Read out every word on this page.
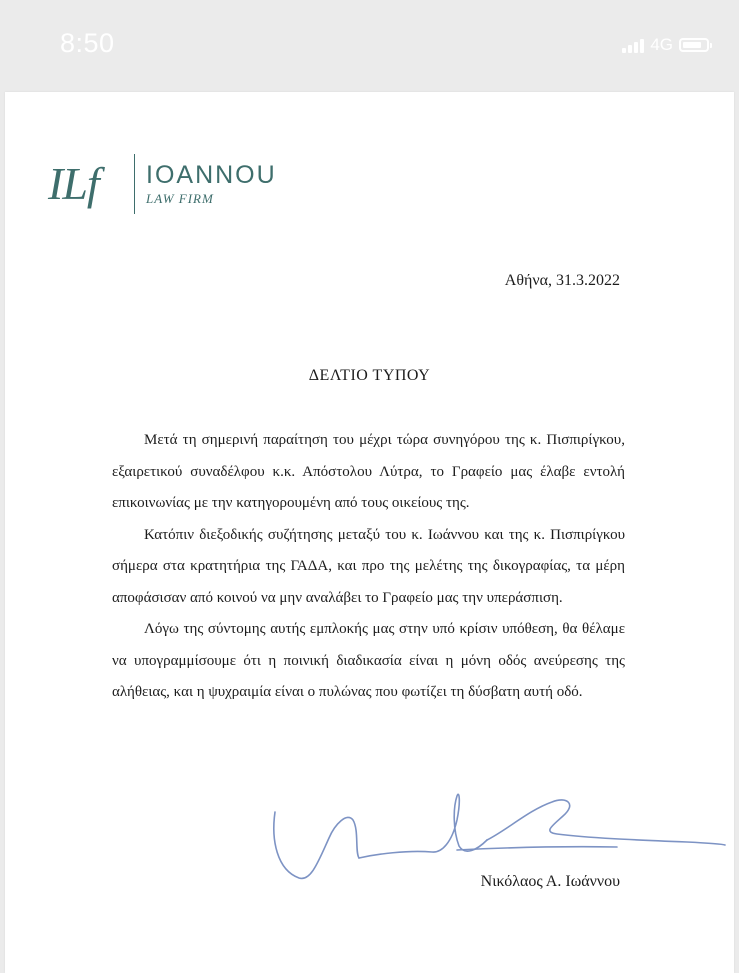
8:50	4G
ILf IOANNOU
LAW FIRM
Αθήνα, 31.3.2022
ΔΕΛΤΙΟ ΤΥΠΟΥ

Μετά τη σημερινή παραίτηση του μέχρι τώρα συνηγόρου της κ. Πισπιρίγκου, εξαιρετικού συναδέλφου κ.κ. Απόστολου Λύτρα, το Γραφείο μας έλαβε εντολή επικοινωνίας με την κατηγορουμένη από τους οικείους της.

Κατόπιν διεξοδικής συζήτησης μεταξύ του κ. Ιωάννου και της κ. Πισπιρίγκου σήμερα στα κρατητήρια της ΓΑΔΑ, και προ της μελέτης της δικογραφίας, τα μέρη αποφάσισαν από κοινού να μην αναλάβει το Γραφείο μας την υπεράσπιση.

Λόγω της σύντομης αυτής εμπλοκής μας στην υπό κρίσιν υπόθεση, θα θέλαμε να υπογραμμίσουμε ότι η ποινική διαδικασία είναι η μόνη οδός ανεύρεσης της αλήθειας, και η ψυχραιμία είναι ο πυλώνας που φωτίζει τη δύσβατη αυτή οδό.

Νικόλαος Α. Ιωάννου
